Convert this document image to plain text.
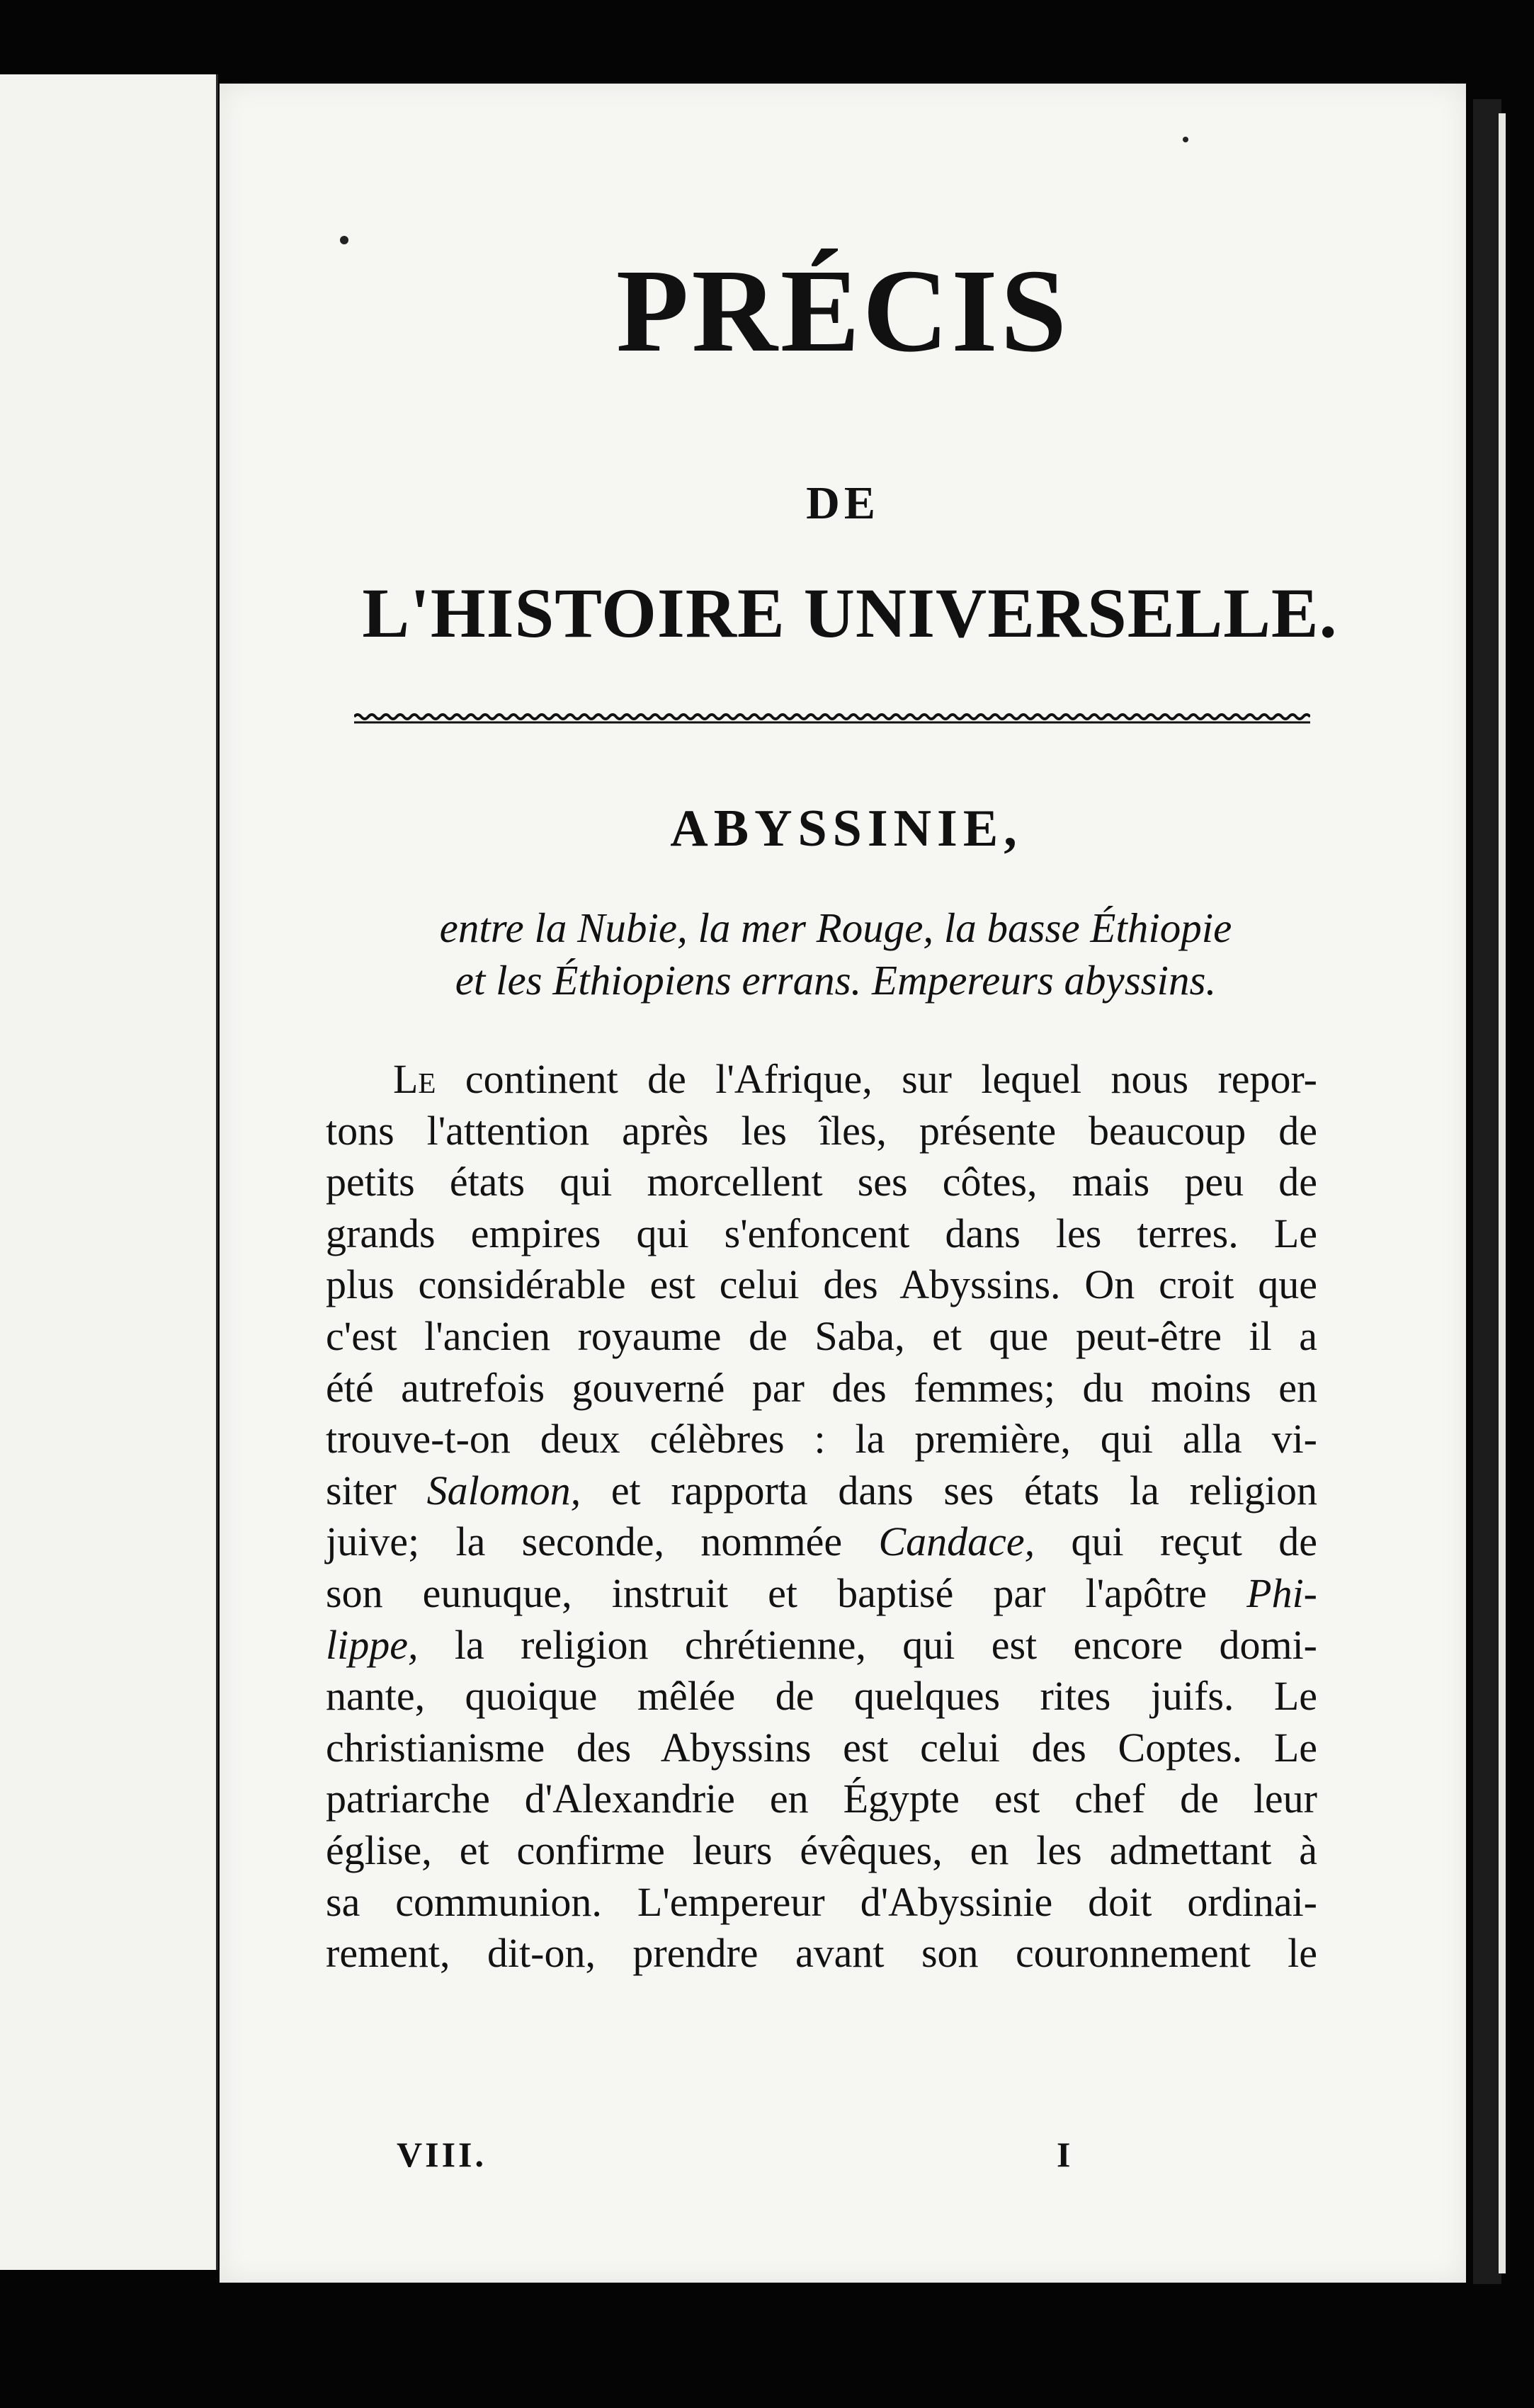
PRÉCIS
DE
L'HISTOIRE UNIVERSELLE.
ABYSSINIE,
entre la Nubie, la mer Rouge, la basse Éthiopie
et les Éthiopiens errans. Empereurs abyssins.
Le continent de l'Afrique, sur lequel nous repor-
tons l'attention après les îles, présente beaucoup de
petits états qui morcellent ses côtes, mais peu de
grands empires qui s'enfoncent dans les terres. Le
plus considérable est celui des Abyssins. On croit que
c'est l'ancien royaume de Saba, et que peut-être il a
été autrefois gouverné par des femmes; du moins en
trouve-t-on deux célèbres : la première, qui alla vi-
siter Salomon, et rapporta dans ses états la religion
juive; la seconde, nommée Candace, qui reçut de
son eunuque, instruit et baptisé par l'apôtre Phi-
lippe, la religion chrétienne, qui est encore domi-
nante, quoique mêlée de quelques rites juifs. Le
christianisme des Abyssins est celui des Coptes. Le
patriarche d'Alexandrie en Égypte est chef de leur
église, et confirme leurs évêques, en les admettant à
sa communion. L'empereur d'Abyssinie doit ordinai-
rement, dit-on, prendre avant son couronnement le
VIII.	I
